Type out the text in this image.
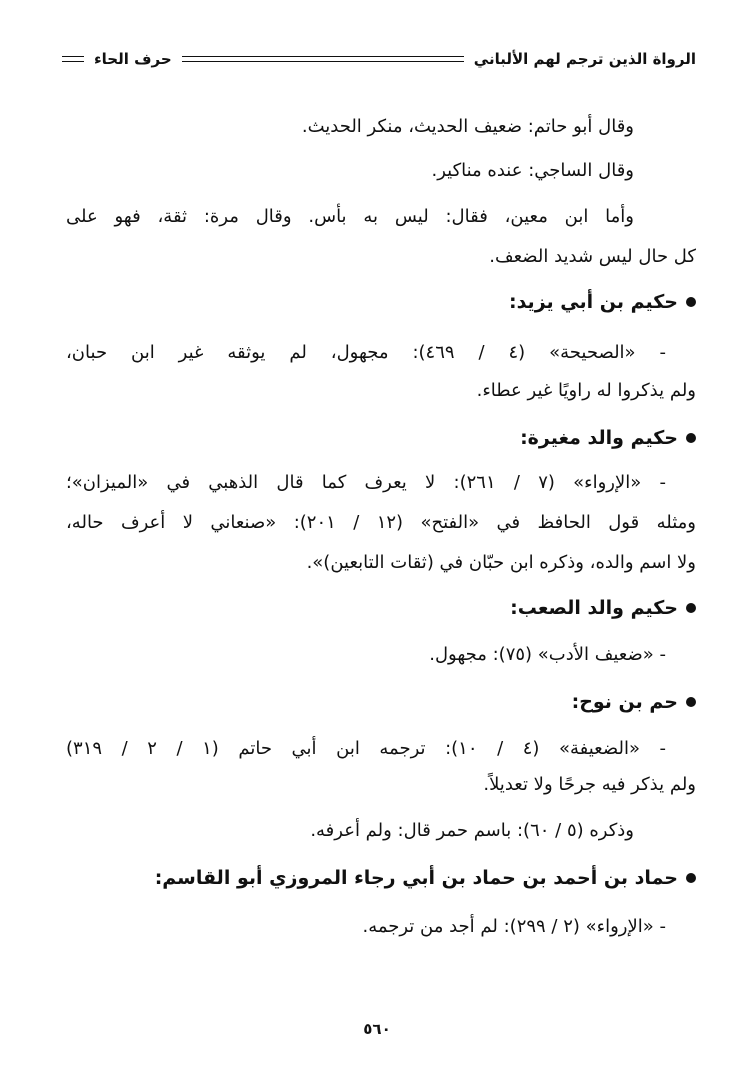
الرواة الذين ترجم لهم الألباني
حرف الحاء
وقال أبو حاتم: ضعيف الحديث، منكر الحديث.
وقال الساجي: عنده مناكير.
وأما ابن معين، فقال: ليس به بأس. وقال مرة: ثقة، فهو على
كل حال ليس شديد الضعف.
حكيم بن أبي يزيد:
- «الصحيحة» (٤ / ٤٦٩): مجهول، لم يوثقه غير ابن حبان،
ولم يذكروا له راويًا غير عطاء.
حكيم والد مغيرة:
- «الإرواء» (٧ / ٢٦١): لا يعرف كما قال الذهبي في «الميزان»؛
ومثله قول الحافظ في «الفتح» (١٢ / ٢٠١): «صنعاني لا أعرف حاله،
ولا اسم والده، وذكره ابن حبّان في (ثقات التابعين)».
حكيم والد الصعب:
- «ضعيف الأدب» (٧٥): مجهول.
حم بن نوح:
- «الضعيفة» (٤ / ١٠): ترجمه ابن أبي حاتم (١ / ٢ / ٣١٩)
ولم يذكر فيه جرحًا ولا تعديلاً.
وذكره (٥ / ٦٠): باسم حمر قال: ولم أعرفه.
حماد بن أحمد بن حماد بن أبي رجاء المروزي أبو القاسم:
- «الإرواء» (٢ / ٢٩٩): لم أجد من ترجمه.
٥٦٠
